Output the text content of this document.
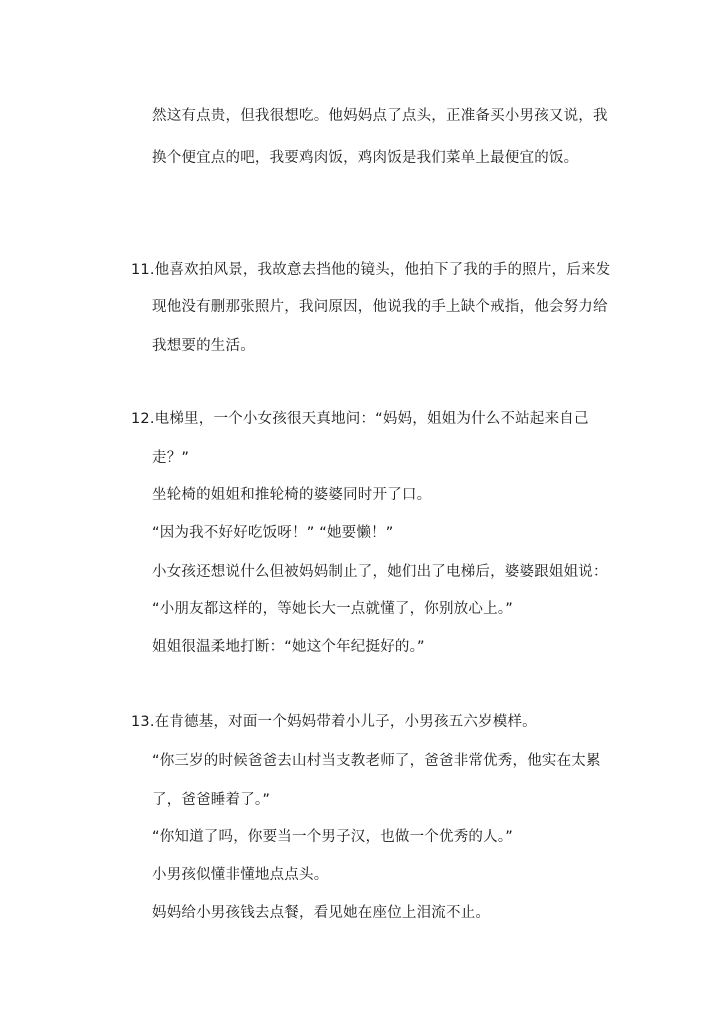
然这有点贵，但我很想吃。他妈妈点了点头，正准备买小男孩又说，我
换个便宜点的吧，我要鸡肉饭，鸡肉饭是我们菜单上最便宜的饭。
11.他喜欢拍风景，我故意去挡他的镜头，他拍下了我的手的照片，后来发
现他没有删那张照片，我问原因，他说我的手上缺个戒指，他会努力给
我想要的生活。
12.电梯里，一个小女孩很天真地问：“妈妈，姐姐为什么不站起来自己
走？”
坐轮椅的姐姐和推轮椅的婆婆同时开了口。
“因为我不好好吃饭呀！” “她要懒！”
小女孩还想说什么但被妈妈制止了，她们出了电梯后，婆婆跟姐姐说：
“小朋友都这样的，等她长大一点就懂了，你别放心上。”
姐姐很温柔地打断：“她这个年纪挺好的。”
13.在肯德基，对面一个妈妈带着小儿子，小男孩五六岁模样。
“你三岁的时候爸爸去山村当支教老师了，爸爸非常优秀，他实在太累
了，爸爸睡着了。”
“你知道了吗，你要当一个男子汉，也做一个优秀的人。”
小男孩似懂非懂地点点头。
妈妈给小男孩钱去点餐，看见她在座位上泪流不止。
